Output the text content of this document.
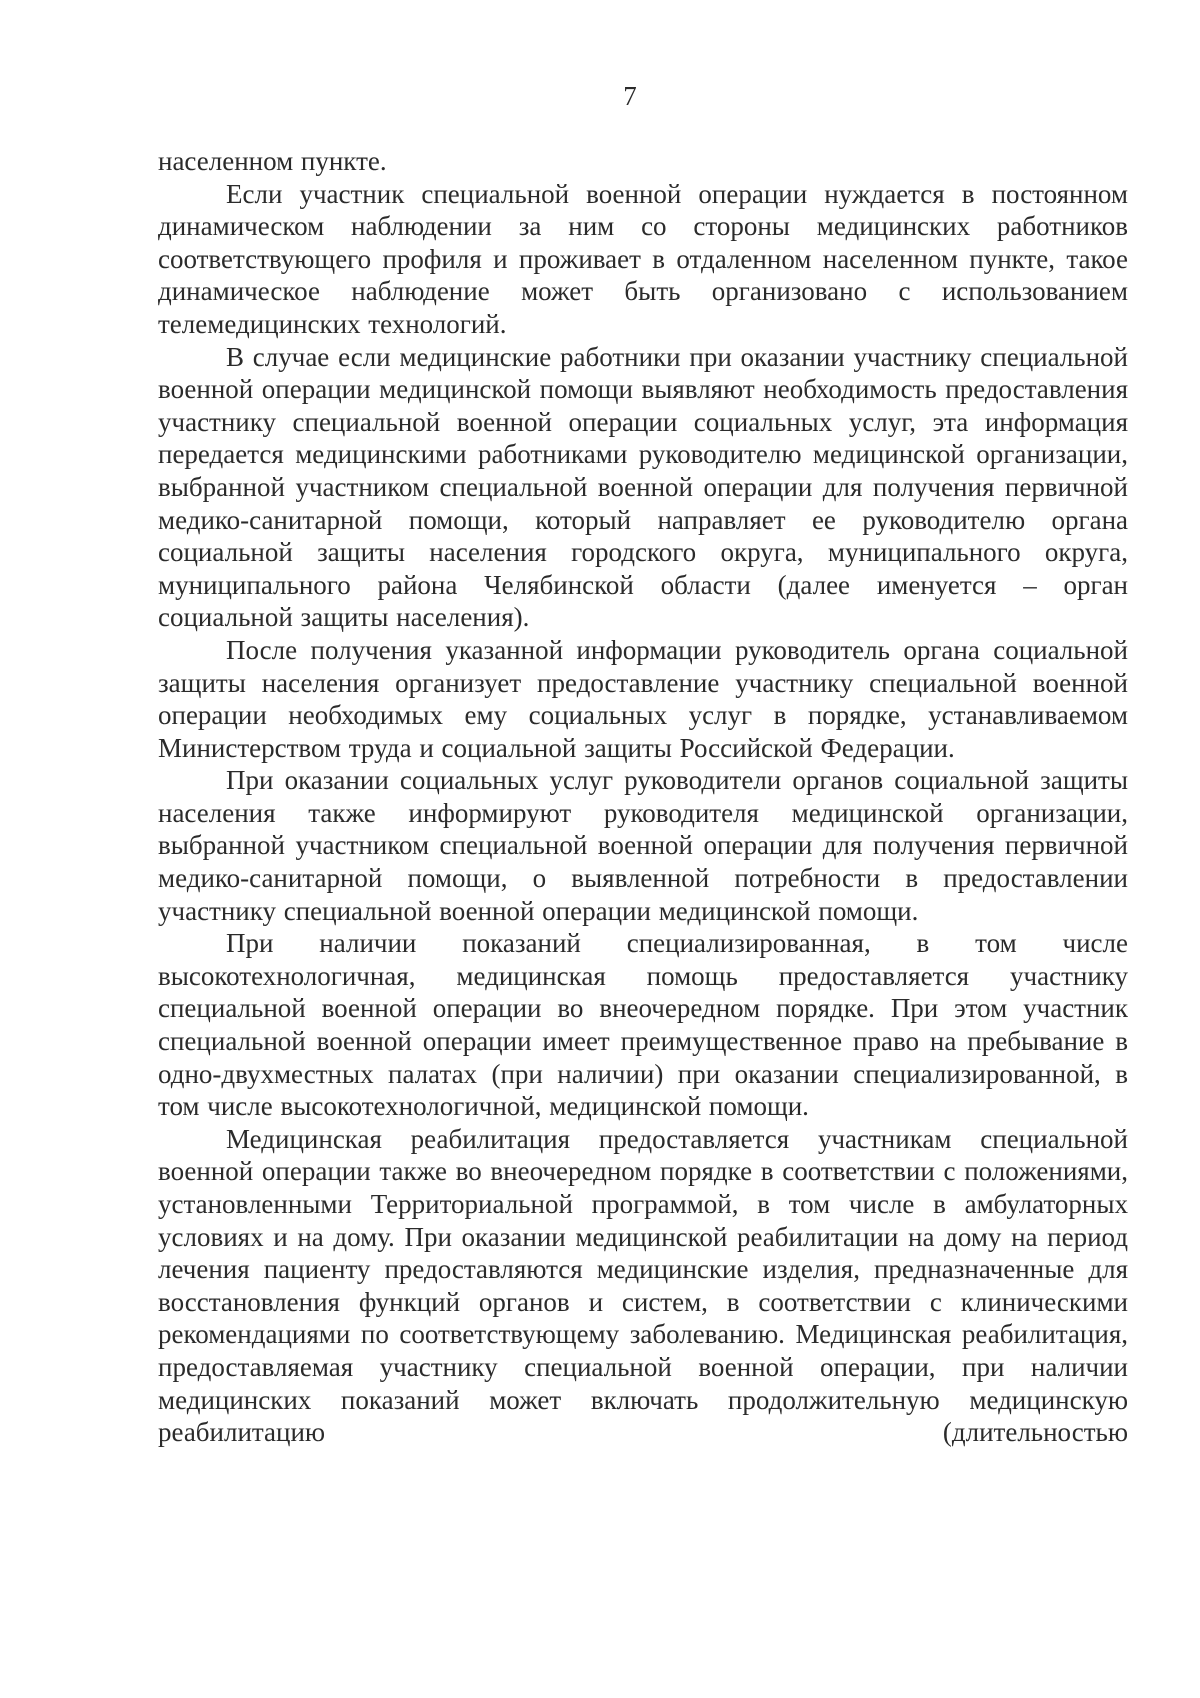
7

населенном пункте.

Если участник специальной военной операции нуждается в постоянном динамическом наблюдении за ним со стороны медицинских работников соответствующего профиля и проживает в отдаленном населенном пункте, такое динамическое наблюдение может быть организовано с использованием телемедицинских технологий.

В случае если медицинские работники при оказании участнику специальной военной операции медицинской помощи выявляют необходимость предоставления участнику специальной военной операции социальных услуг, эта информация передается медицинскими работниками руководителю медицинской организации, выбранной участником специальной военной операции для получения первичной медико-санитарной помощи, который направляет ее руководителю органа социальной защиты населения городского округа, муниципального округа, муниципального района Челябинской области (далее именуется – орган социальной защиты населения).

После получения указанной информации руководитель органа социальной защиты населения организует предоставление участнику специальной военной операции необходимых ему социальных услуг в порядке, устанавливаемом Министерством труда и социальной защиты Российской Федерации.

При оказании социальных услуг руководители органов социальной защиты населения также информируют руководителя медицинской организации, выбранной участником специальной военной операции для получения первичной медико-санитарной помощи, о выявленной потребности в предоставлении участнику специальной военной операции медицинской помощи.

При наличии показаний специализированная, в том числе высокотехнологичная, медицинская помощь предоставляется участнику специальной военной операции во внеочередном порядке. При этом участник специальной военной операции имеет преимущественное право на пребывание в одно-двухместных палатах (при наличии) при оказании специализированной, в том числе высокотехнологичной, медицинской помощи.

Медицинская реабилитация предоставляется участникам специальной военной операции также во внеочередном порядке в соответствии с положениями, установленными Территориальной программой, в том числе в амбулаторных условиях и на дому. При оказании медицинской реабилитации на дому на период лечения пациенту предоставляются медицинские изделия, предназначенные для восстановления функций органов и систем, в соответствии с клиническими рекомендациями по соответствующему заболеванию. Медицинская реабилитация, предоставляемая участнику специальной военной операции, при наличии медицинских показаний может включать продолжительную медицинскую реабилитацию (длительностью
